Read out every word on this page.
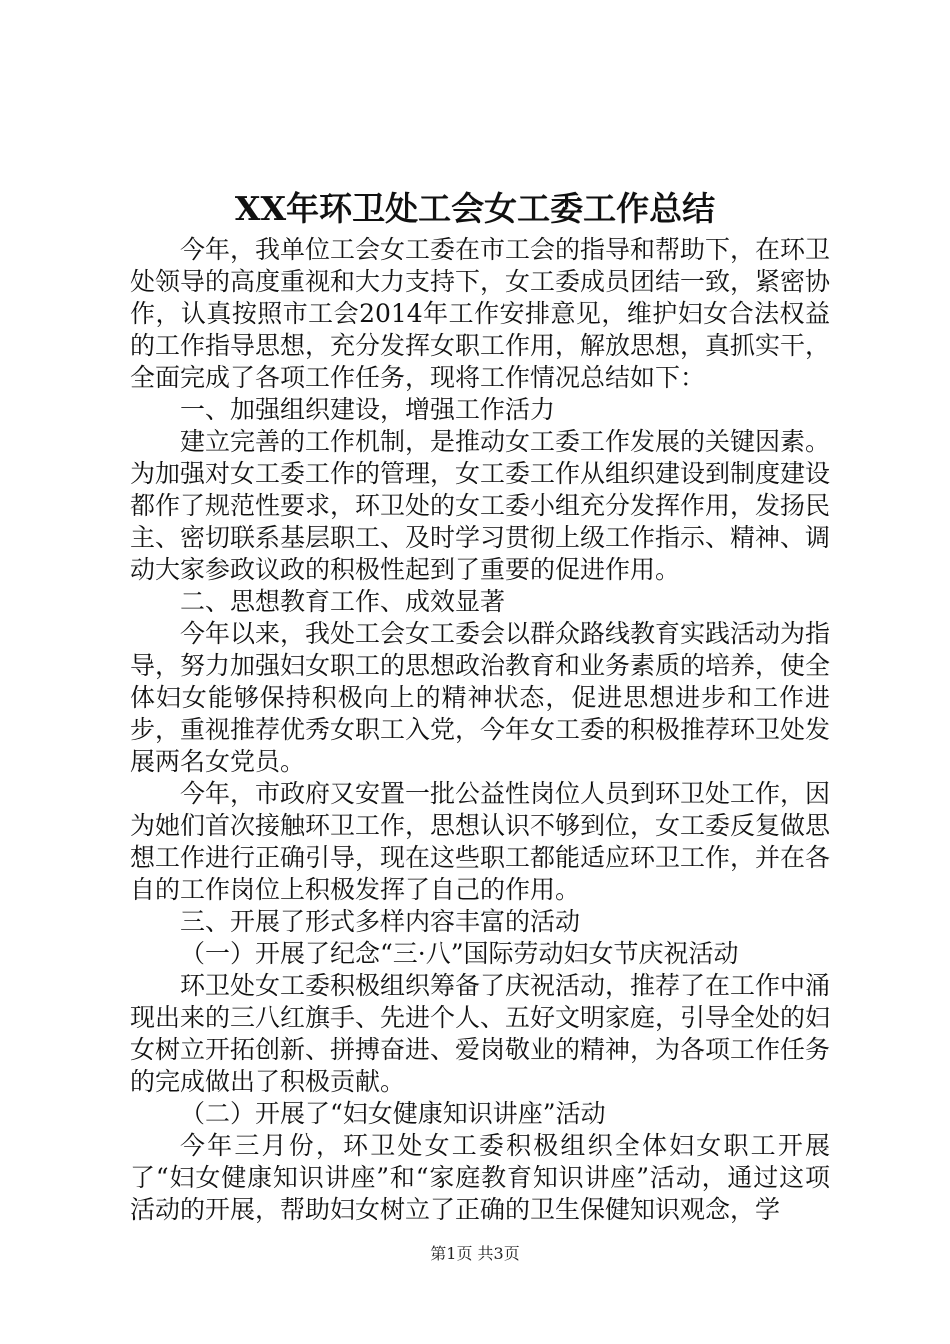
XX年环卫处工会女工委工作总结

今年，我单位工会女工委在市工会的指导和帮助下，在环卫处领导的高度重视和大力支持下，女工委成员团结一致，紧密协作，认真按照市工会2014年工作安排意见，维护妇女合法权益的工作指导思想，充分发挥女职工作用，解放思想，真抓实干，全面完成了各项工作任务，现将工作情况总结如下：

一、加强组织建设，增强工作活力

建立完善的工作机制，是推动女工委工作发展的关键因素。为加强对女工委工作的管理，女工委工作从组织建设到制度建设都作了规范性要求，环卫处的女工委小组充分发挥作用，发扬民主、密切联系基层职工、及时学习贯彻上级工作指示、精神、调动大家参政议政的积极性起到了重要的促进作用。

二、思想教育工作、成效显著

今年以来，我处工会女工委会以群众路线教育实践活动为指导，努力加强妇女职工的思想政治教育和业务素质的培养，使全体妇女能够保持积极向上的精神状态，促进思想进步和工作进步，重视推荐优秀女职工入党，今年女工委的积极推荐环卫处发展两名女党员。

今年，市政府又安置一批公益性岗位人员到环卫处工作，因为她们首次接触环卫工作，思想认识不够到位，女工委反复做思想工作进行正确引导，现在这些职工都能适应环卫工作，并在各自的工作岗位上积极发挥了自己的作用。

三、开展了形式多样内容丰富的活动

（一）开展了纪念“三·八”国际劳动妇女节庆祝活动

环卫处女工委积极组织筹备了庆祝活动，推荐了在工作中涌现出来的三八红旗手、先进个人、五好文明家庭，引导全处的妇女树立开拓创新、拼搏奋进、爱岗敬业的精神，为各项工作任务的完成做出了积极贡献。

（二）开展了“妇女健康知识讲座”活动

今年三月份，环卫处女工委积极组织全体妇女职工开展了“妇女健康知识讲座”和“家庭教育知识讲座”活动，通过这项活动的开展，帮助妇女树立了正确的卫生保健知识观念，学

第1页 共3页
